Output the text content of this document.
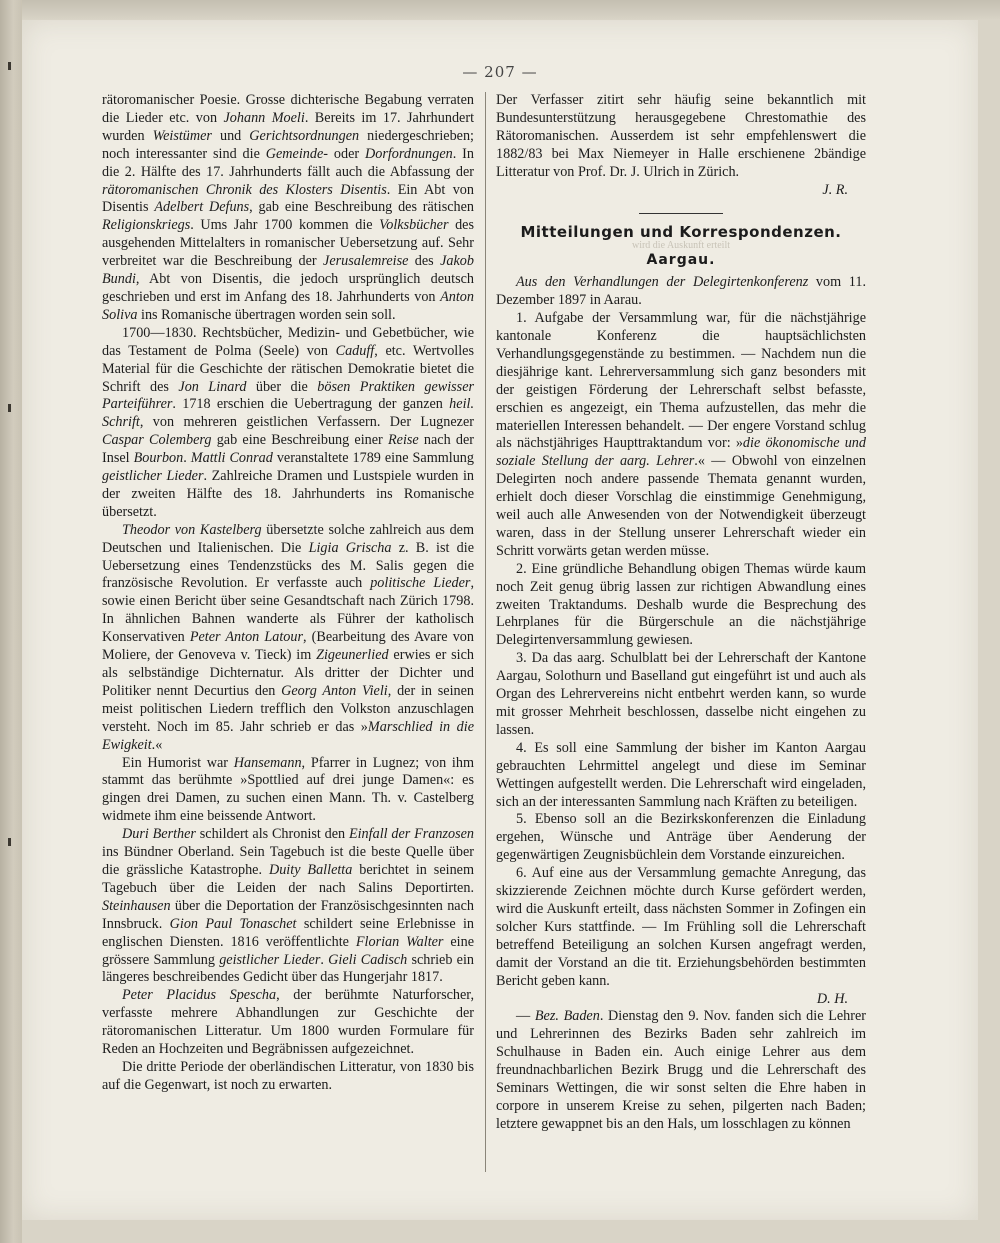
— 207 —

rätoromanischer Poesie. Grosse dichterische Begabung verraten die Lieder etc. von Johann Moeli. Bereits im 17. Jahrhundert wurden Weistümer und Gerichtsordnungen niedergeschrieben; noch interessanter sind die Gemeinde- oder Dorfordnungen. In die 2. Hälfte des 17. Jahrhunderts fällt auch die Abfassung der rätoromanischen Chronik des Klosters Disentis. Ein Abt von Disentis Adelbert Defuns, gab eine Beschreibung des rätischen Religionskriegs. Ums Jahr 1700 kommen die Volksbücher des ausgehenden Mittelalters in romanischer Uebersetzung auf. Sehr verbreitet war die Beschreibung der Jerusalemreise des Jakob Bundi, Abt von Disentis, die jedoch ursprünglich deutsch geschrieben und erst im Anfang des 18. Jahrhunderts von Anton Soliva ins Romanische übertragen worden sein soll.

1700—1830. Rechtsbücher, Medizin- und Gebetbücher, wie das Testament de Polma (Seele) von Caduff, etc. Wertvolles Material für die Geschichte der rätischen Demokratie bietet die Schrift des Jon Linard über die bösen Praktiken gewisser Parteiführer. 1718 erschien die Uebertragung der ganzen heil. Schrift, von mehreren geistlichen Verfassern. Der Lugnezer Caspar Colemberg gab eine Beschreibung einer Reise nach der Insel Bourbon. Mattli Conrad veranstaltete 1789 eine Sammlung geistlicher Lieder. Zahlreiche Dramen und Lustspiele wurden in der zweiten Hälfte des 18. Jahrhunderts ins Romanische übersetzt.

Theodor von Kastelberg übersetzte solche zahlreich aus dem Deutschen und Italienischen. Die Ligia Grischa z. B. ist die Uebersetzung eines Tendenzstücks des M. Salis gegen die französische Revolution. Er verfasste auch politische Lieder, sowie einen Bericht über seine Gesandtschaft nach Zürich 1798. In ähnlichen Bahnen wanderte als Führer der katholisch Konservativen Peter Anton Latour, (Bearbeitung des Avare von Moliere, der Genoveva v. Tieck) im Zigeunerlied erwies er sich als selbständige Dichternatur. Als dritter der Dichter und Politiker nennt Decurtius den Georg Anton Vieli, der in seinen meist politischen Liedern trefflich den Volkston anzuschlagen versteht. Noch im 85. Jahr schrieb er das »Marschlied in die Ewigkeit.«

Ein Humorist war Hansemann, Pfarrer in Lugnez; von ihm stammt das berühmte »Spottlied auf drei junge Damen«: es gingen drei Damen, zu suchen einen Mann. Th. v. Castelberg widmete ihm eine beissende Antwort.

Duri Berther schildert als Chronist den Einfall der Franzosen ins Bündner Oberland. Sein Tagebuch ist die beste Quelle über die grässliche Katastrophe. Duity Balletta berichtet in seinem Tagebuch über die Leiden der nach Salins Deportirten. Steinhausen über die Deportation der Französischgesinnten nach Innsbruck. Gion Paul Tonaschet schildert seine Erlebnisse in englischen Diensten. 1816 veröffentlichte Florian Walter eine grössere Sammlung geistlicher Lieder. Gieli Cadisch schrieb ein längeres beschreibendes Gedicht über das Hungerjahr 1817.

Peter Placidus Spescha, der berühmte Naturforscher, verfasste mehrere Abhandlungen zur Geschichte der rätoromanischen Litteratur. Um 1800 wurden Formulare für Reden an Hochzeiten und Begräbnissen aufgezeichnet.

Die dritte Periode der oberländischen Litteratur, von 1830 bis auf die Gegenwart, ist noch zu erwarten.

Der Verfasser zitirt sehr häufig seine bekanntlich mit Bundesunterstützung herausgegebene Chrestomathie des Rätoromanischen. Ausserdem ist sehr empfehlenswert die 1882/83 bei Max Niemeyer in Halle erschienene 2bändige Litteratur von Prof. Dr. J. Ulrich in Zürich.

J. R.

Mitteilungen und Korrespondenzen.
wird die Auskunft erteilt
Aargau.

Aus den Verhandlungen der Delegirtenkonferenz vom 11. Dezember 1897 in Aarau.

1. Aufgabe der Versammlung war, für die nächstjährige kantonale Konferenz die hauptsächlichsten Verhandlungsgegenstände zu bestimmen. — Nachdem nun die diesjährige kant. Lehrerversammlung sich ganz besonders mit der geistigen Förderung der Lehrerschaft selbst befasste, erschien es angezeigt, ein Thema aufzustellen, das mehr die materiellen Interessen behandelt. — Der engere Vorstand schlug als nächstjähriges Haupttraktandum vor: »die ökonomische und soziale Stellung der aarg. Lehrer.« — Obwohl von einzelnen Delegirten noch andere passende Themata genannt wurden, erhielt doch dieser Vorschlag die einstimmige Genehmigung, weil auch alle Anwesenden von der Notwendigkeit überzeugt waren, dass in der Stellung unserer Lehrerschaft wieder ein Schritt vorwärts getan werden müsse.

2. Eine gründliche Behandlung obigen Themas würde kaum noch Zeit genug übrig lassen zur richtigen Abwandlung eines zweiten Traktandums. Deshalb wurde die Besprechung des Lehrplanes für die Bürgerschule an die nächstjährige Delegirtenversammlung gewiesen.

3. Da das aarg. Schulblatt bei der Lehrerschaft der Kantone Aargau, Solothurn und Baselland gut eingeführt ist und auch als Organ des Lehrervereins nicht entbehrt werden kann, so wurde mit grosser Mehrheit beschlossen, dasselbe nicht eingehen zu lassen.

4. Es soll eine Sammlung der bisher im Kanton Aargau gebrauchten Lehrmittel angelegt und diese im Seminar Wettingen aufgestellt werden. Die Lehrerschaft wird eingeladen, sich an der interessanten Sammlung nach Kräften zu beteiligen.

5. Ebenso soll an die Bezirkskonferenzen die Einladung ergehen, Wünsche und Anträge über Aenderung der gegenwärtigen Zeugnisbüchlein dem Vorstande einzureichen.

6. Auf eine aus der Versammlung gemachte Anregung, das skizzierende Zeichnen möchte durch Kurse gefördert werden, wird die Auskunft erteilt, dass nächsten Sommer in Zofingen ein solcher Kurs stattfinde. — Im Frühling soll die Lehrerschaft betreffend Beteiligung an solchen Kursen angefragt werden, damit der Vorstand an die tit. Erziehungsbehörden bestimmten Bericht geben kann.

D. H.

— Bez. Baden. Dienstag den 9. Nov. fanden sich die Lehrer und Lehrerinnen des Bezirks Baden sehr zahlreich im Schulhause in Baden ein. Auch einige Lehrer aus dem freundnachbarlichen Bezirk Brugg und die Lehrerschaft des Seminars Wettingen, die wir sonst selten die Ehre haben in corpore in unserem Kreise zu sehen, pilgerten nach Baden; letztere gewappnet bis an den Hals, um losschlagen zu können
